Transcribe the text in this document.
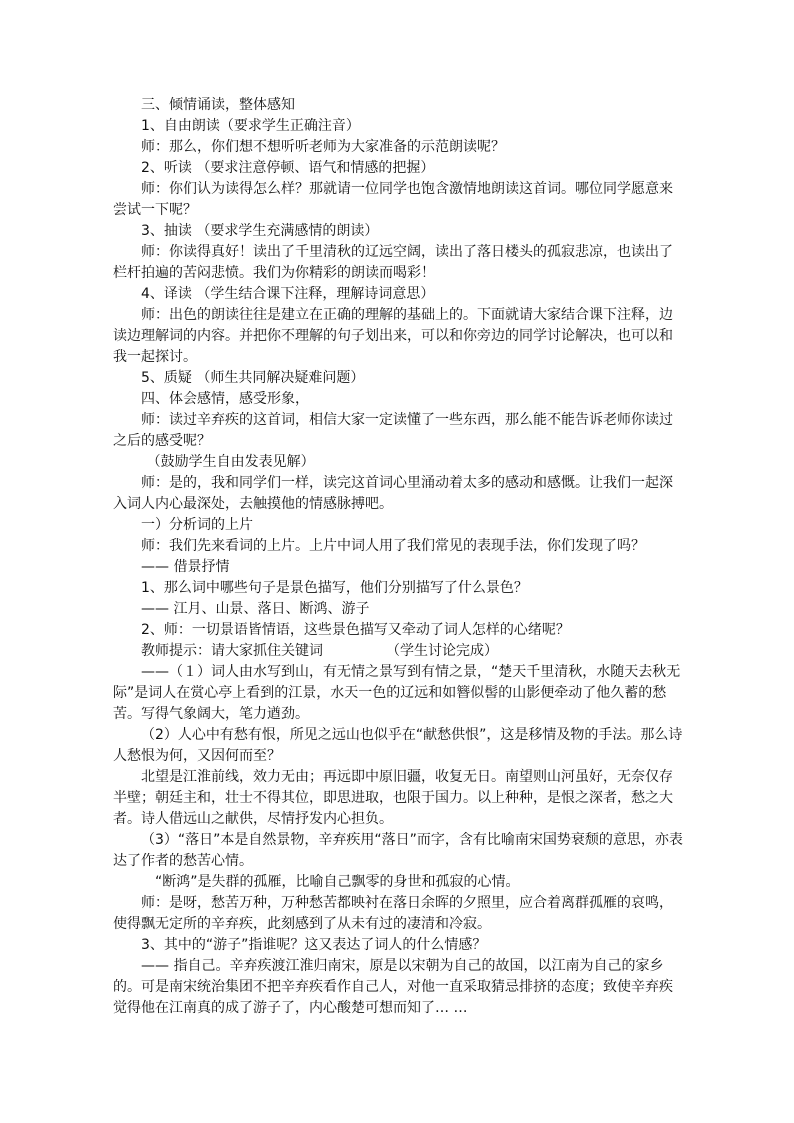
三、倾情诵读，整体感知

1、自由朗读（要求学生正确注音）

师：那么，你们想不想听听老师为大家准备的示范朗读呢？

2、听读 （要求注意停顿、语气和情感的把握）

师：你们认为读得怎么样？那就请一位同学也饱含激情地朗读这首词。哪位同学愿意来尝试一下呢？

3、抽读 （要求学生充满感情的朗读）

师：你读得真好！读出了千里清秋的辽远空阔，读出了落日楼头的孤寂悲凉，也读出了栏杆拍遍的苦闷悲愤。我们为你精彩的朗读而喝彩！

4、译读 （学生结合课下注释，理解诗词意思）

师：出色的朗读往往是建立在正确的理解的基础上的。下面就请大家结合课下注释，边读边理解词的内容。并把你不理解的句子划出来，可以和你旁边的同学讨论解决，也可以和我一起探讨。

5、质疑 （师生共同解决疑难问题）

四、体会感情，感受形象，

师：读过辛弃疾的这首词，相信大家一定读懂了一些东西，那么能不能告诉老师你读过之后的感受呢？

（鼓励学生自由发表见解）

师：是的，我和同学们一样，读完这首词心里涌动着太多的感动和感慨。让我们一起深入词人内心最深处，去触摸他的情感脉搏吧。

一）分析词的上片

师：我们先来看词的上片。上片中词人用了我们常见的表现手法，你们发现了吗？

—— 借景抒情

1、那么词中哪些句子是景色描写，他们分别描写了什么景色？

—— 江月、山景、落日、断鸿、游子

2、师：一切景语皆情语，这些景色描写又牵动了词人怎样的心绪呢？

教师提示：请大家抓住关键词　　　　　（学生讨论完成）

——（１）词人由水写到山，有无情之景写到有情之景，“楚天千里清秋，水随天去秋无际”是词人在赏心亭上看到的江景，水天一色的辽远和如簪似髻的山影便牵动了他久蓄的愁苦。写得气象阔大，笔力遒劲。

（2）人心中有愁有恨，所见之远山也似乎在“献愁供恨”，这是移情及物的手法。那么诗人愁恨为何，又因何而至？

北望是江淮前线，效力无由；再远即中原旧疆，收复无日。南望则山河虽好，无奈仅存半壁；朝廷主和，壮士不得其位，即思进取，也限于国力。以上种种，是恨之深者，愁之大者。诗人借远山之献供，尽情抒发内心担负。

（3）“落日”本是自然景物，辛弃疾用“落日”而字，含有比喻南宋国势衰颓的意思，亦表达了作者的愁苦心情。

“断鸿”是失群的孤雁，比喻自己飘零的身世和孤寂的心情。

师：是呀，愁苦万种，万种愁苦都映衬在落日余晖的夕照里，应合着离群孤雁的哀鸣，使得飘无定所的辛弃疾，此刻感到了从未有过的凄清和冷寂。

3、其中的“游子”指谁呢？这又表达了词人的什么情感？

—— 指自己。辛弃疾渡江淮归南宋，原是以宋朝为自己的故国，以江南为自己的家乡的。可是南宋统治集团不把辛弃疾看作自己人，对他一直采取猜忌排挤的态度；致使辛弃疾觉得他在江南真的成了游子了，内心酸楚可想而知了… …
